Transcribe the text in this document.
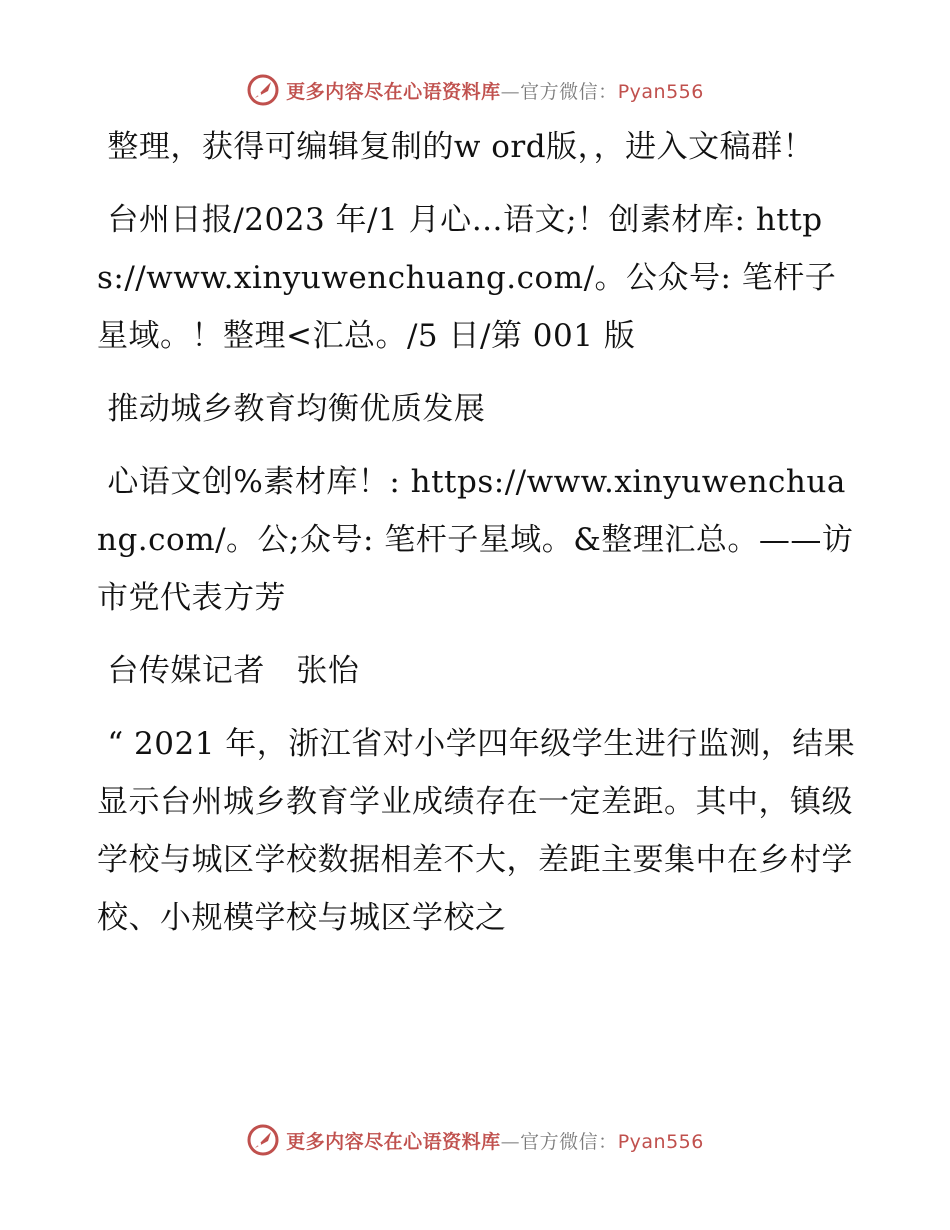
更多内容尽在心语资料库—官方微信：Pyan556

整理，获得可编辑复制的w ord版，，进入文稿群！

台州日报/2023 年/1 月心…语文;！创素材库: https://www.xinyuwenchuang.com/。公众号: 笔杆子星域。！整理<汇总。/5 日/第 001 版

推动城乡教育均衡优质发展

心语文创%素材库！: https://www.xinyuwenchuang.com/。公;众号: 笔杆子星域。&整理汇总。——访市党代表方芳

台传媒记者　张怡

“ 2021 年，浙江省对小学四年级学生进行监测，结果显示台州城乡教育学业成绩存在一定差距。其中，镇级学校与城区学校数据相差不大，差距主要集中在乡村学校、小规模学校与城区学校之

更多内容尽在心语资料库—官方微信：Pyan556
